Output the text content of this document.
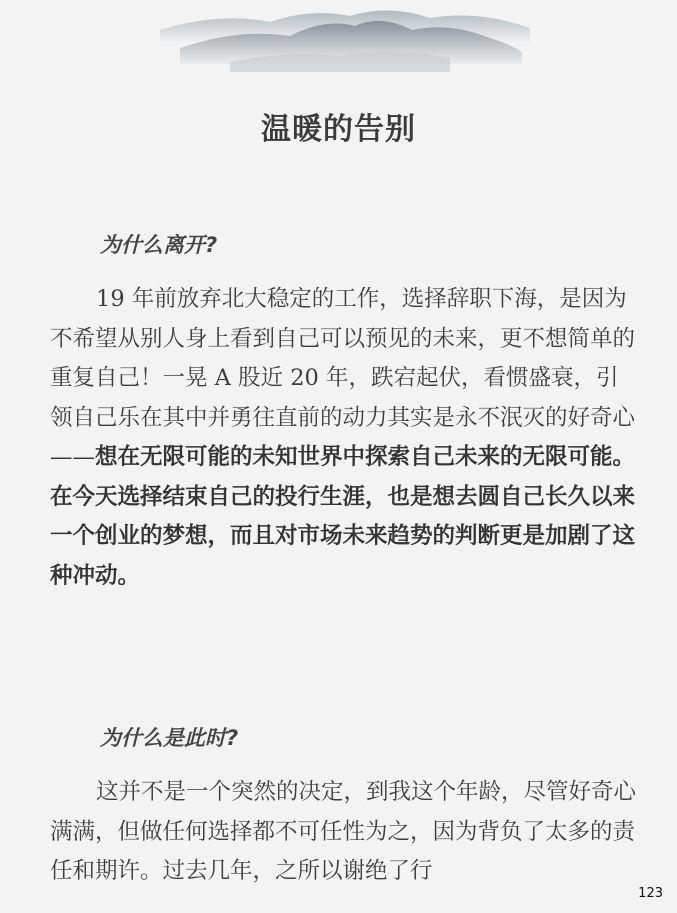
温暖的告别
为什么离开?
19 年前放弃北大稳定的工作，选择辞职下海，是因为不希望从别人身上看到自己可以预见的未来，更不想简单的重复自己！一晃 A 股近 20 年，跌宕起伏，看惯盛衰，引领自己乐在其中并勇往直前的动力其实是永不泯灭的好奇心——想在无限可能的未知世界中探索自己未来的无限可能。在今天选择结束自己的投行生涯，也是想去圆自己长久以来一个创业的梦想，而且对市场未来趋势的判断更是加剧了这种冲动。
为什么是此时?
这并不是一个突然的决定，到我这个年龄，尽管好奇心满满，但做任何选择都不可任性为之，因为背负了太多的责任和期许。过去几年，之所以谢绝了行
123
